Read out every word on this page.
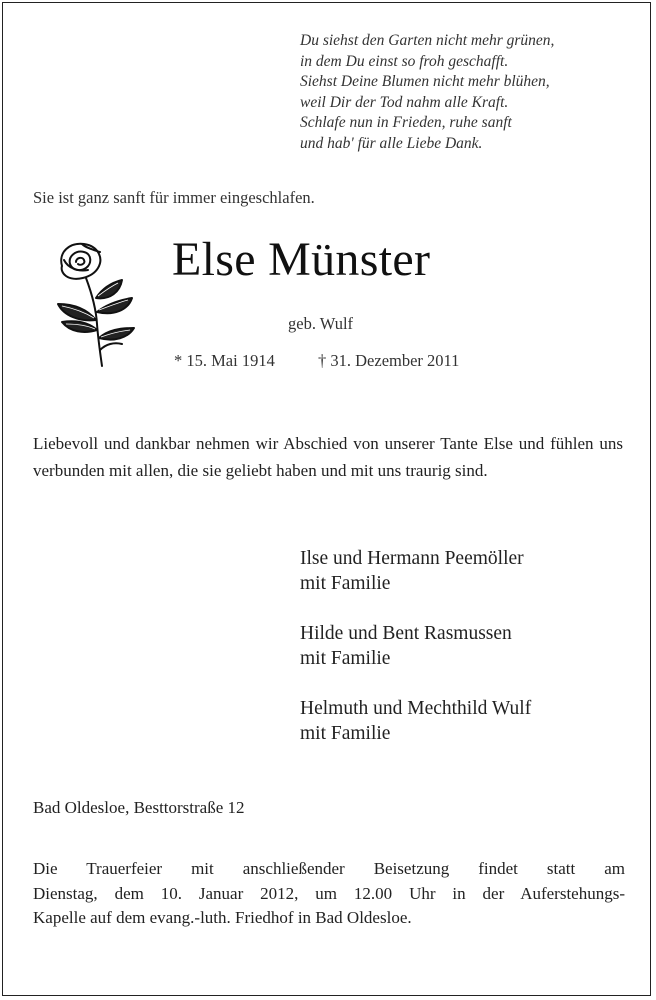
Du siehst den Garten nicht mehr grünen,
in dem Du einst so froh geschafft.
Siehst Deine Blumen nicht mehr blühen,
weil Dir der Tod nahm alle Kraft.
Schlafe nun in Frieden, ruhe sanft
und hab' für alle Liebe Dank.
Sie ist ganz sanft für immer eingeschlafen.
Else Münster
geb. Wulf
* 15. Mai 1914	† 31. Dezember 2011
Liebevoll und dankbar nehmen wir Abschied von unserer Tante Else und fühlen uns verbunden mit allen, die sie geliebt haben und mit uns traurig sind.
Ilse und Hermann Peemöller
mit Familie
Hilde und Bent Rasmussen
mit Familie
Helmuth und Mechthild Wulf
mit Familie
Bad Oldesloe, Besttorstraße 12
Die Trauerfeier mit anschließender Beisetzung findet statt am
Dienstag, dem 10. Januar 2012, um 12.00 Uhr in der Auferstehungs-
Kapelle auf dem evang.-luth. Friedhof in Bad Oldesloe.
